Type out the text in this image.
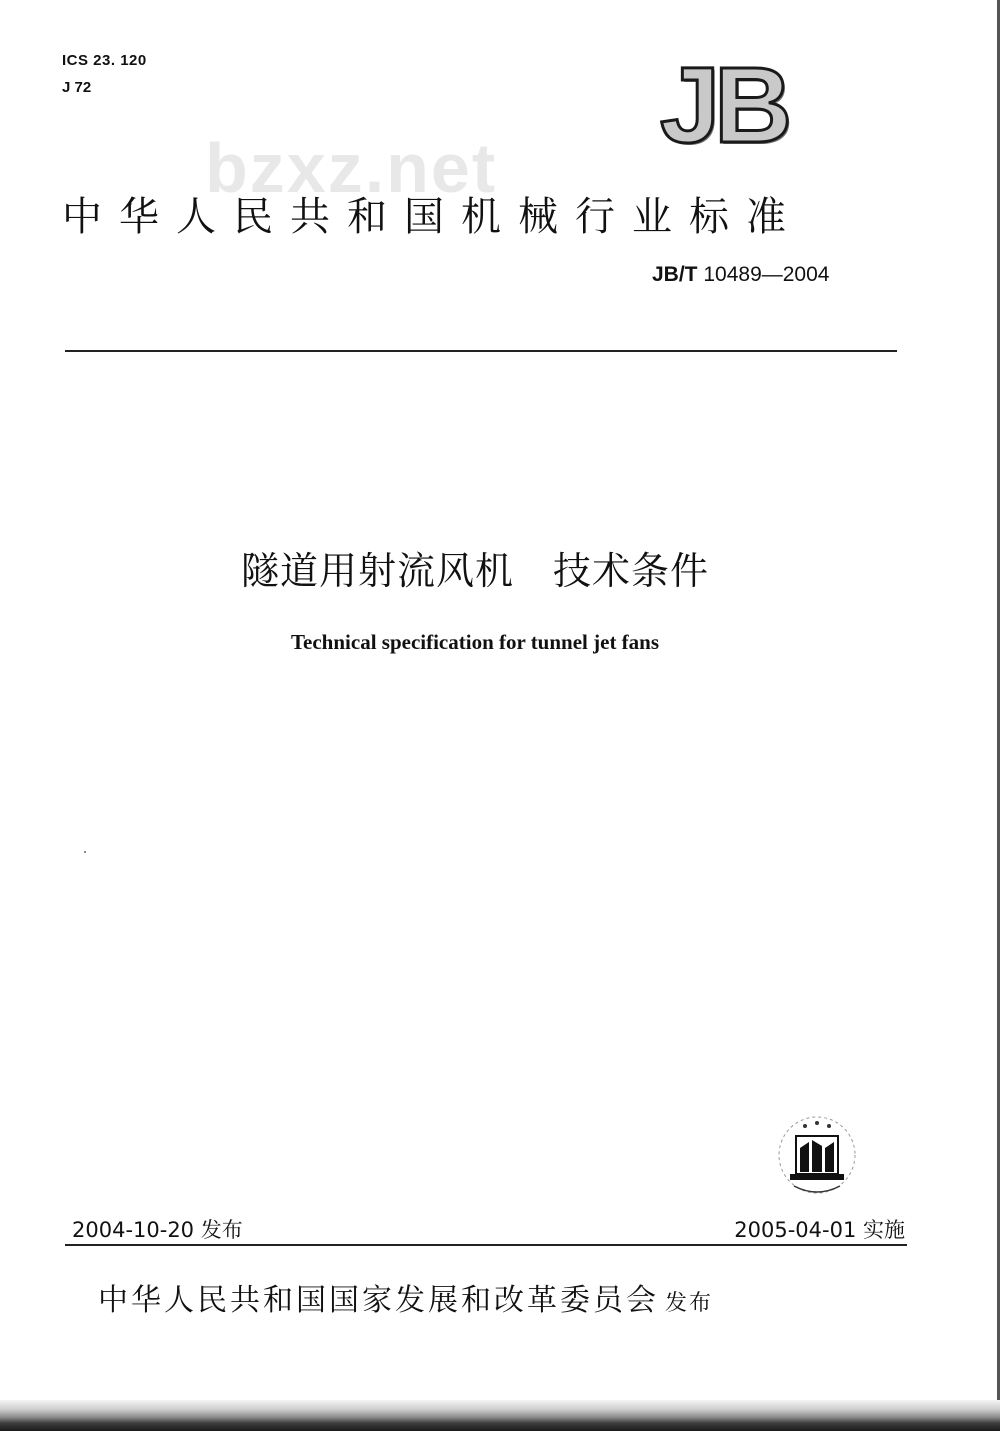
ICS 23. 120
J 72	JB
bzxz.net
中华人民共和国机械行业标准
JB/T 10489—2004
隧道用射流风机　技术条件
Technical specification for tunnel jet fans
2004-10-20 发布	2005-04-01 实施
中华人民共和国国家发展和改革委员会 发布
